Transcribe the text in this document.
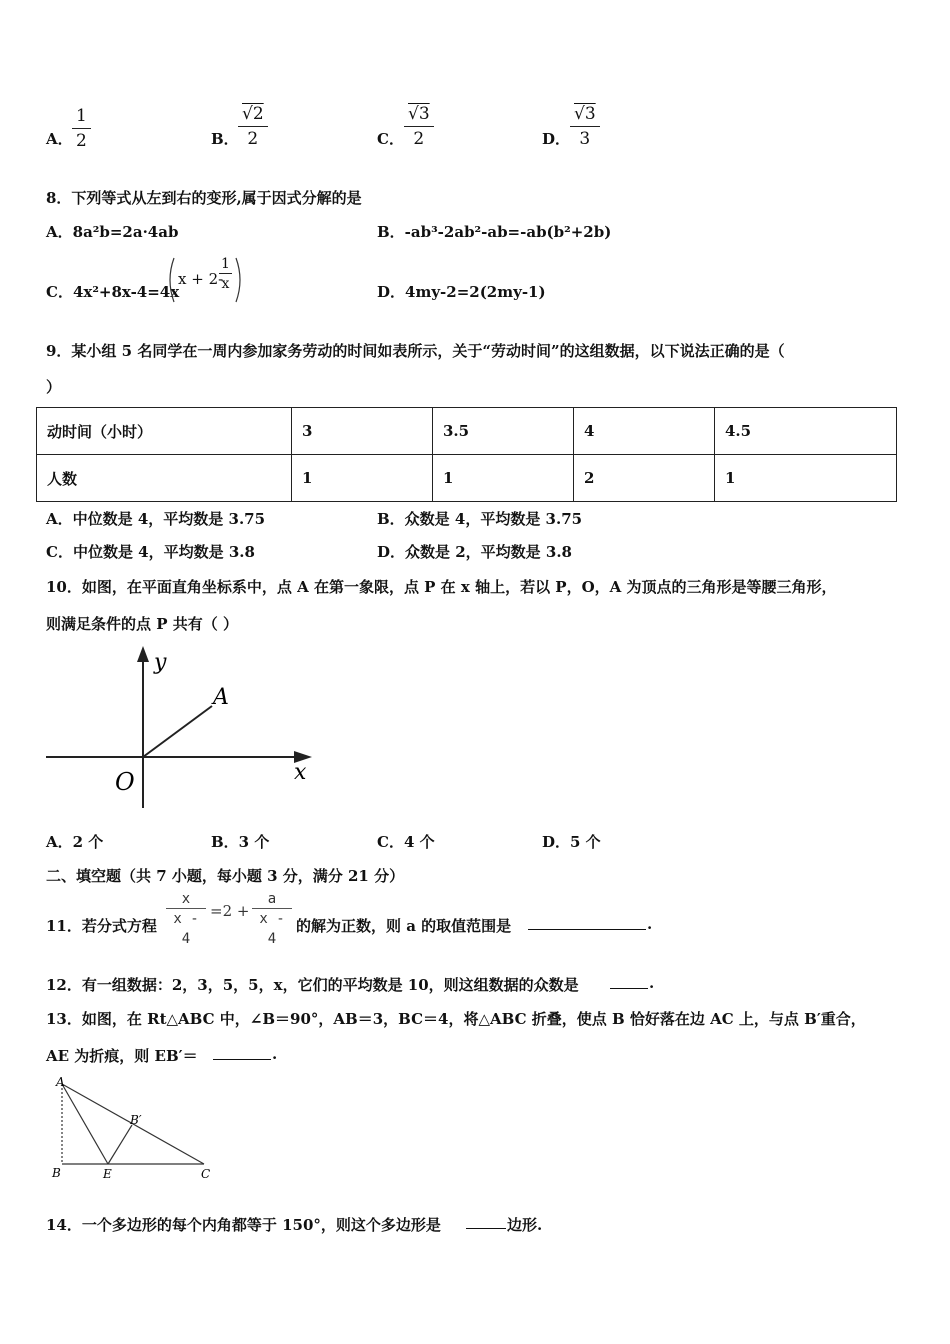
A． $\frac{1}{2}$	B． $\frac{√2}{2}$	C． $\frac{√3}{2}$	D． $\frac{√3}{3}$
8．下列等式从左到右的变形,属于因式分解的是
A．8a²b=2a·4ab	B．-ab³-2ab²-ab=-ab(b²+2b)
C．4x²+8x-4=4x
x + 2-
$\frac{1}{x}$	D．4my-2=2(2my-1)
9．某小组 5 名同学在一周内参加家务劳动的时间如表所示，关于“劳动时间”的这组数据，以下说法正确的是（
）
动时间（小时）	3	3.5	4	4.5
人数	1	1	2	1
A．中位数是 4，平均数是 3.75	B．众数是 4，平均数是 3.75
C．中位数是 4，平均数是 3.8	D．众数是 2，平均数是 3.8
10．如图，在平面直角坐标系中，点 A 在第一象限，点 P 在 x 轴上，若以 P，O，A 为顶点的三角形是等腰三角形，
则满足条件的点 P 共有（ ）
y
x
O
A
A．2 个	B．3 个	C．4 个	D．5 个
二、填空题（共 7 小题，每小题 3 分，满分 21 分）
11．若分式方程 $\frac{x}{x - 4} =2 + \frac{a}{x - 4}$ 的解为正数，则 a 的取值范围是	.
12．有一组数据：2，3，5，5，x，它们的平均数是 10，则这组数据的众数是	.
13．如图，在 Rt△ABC 中，∠B＝90°，AB＝3，BC＝4，将△ABC 折叠，使点 B 恰好落在边 AC 上，与点 B′重合，
AE 为折痕，则 EB′＝	.
A
B	E	C
B′
14．一个多边形的每个内角都等于 150°，则这个多边形是	边形.
